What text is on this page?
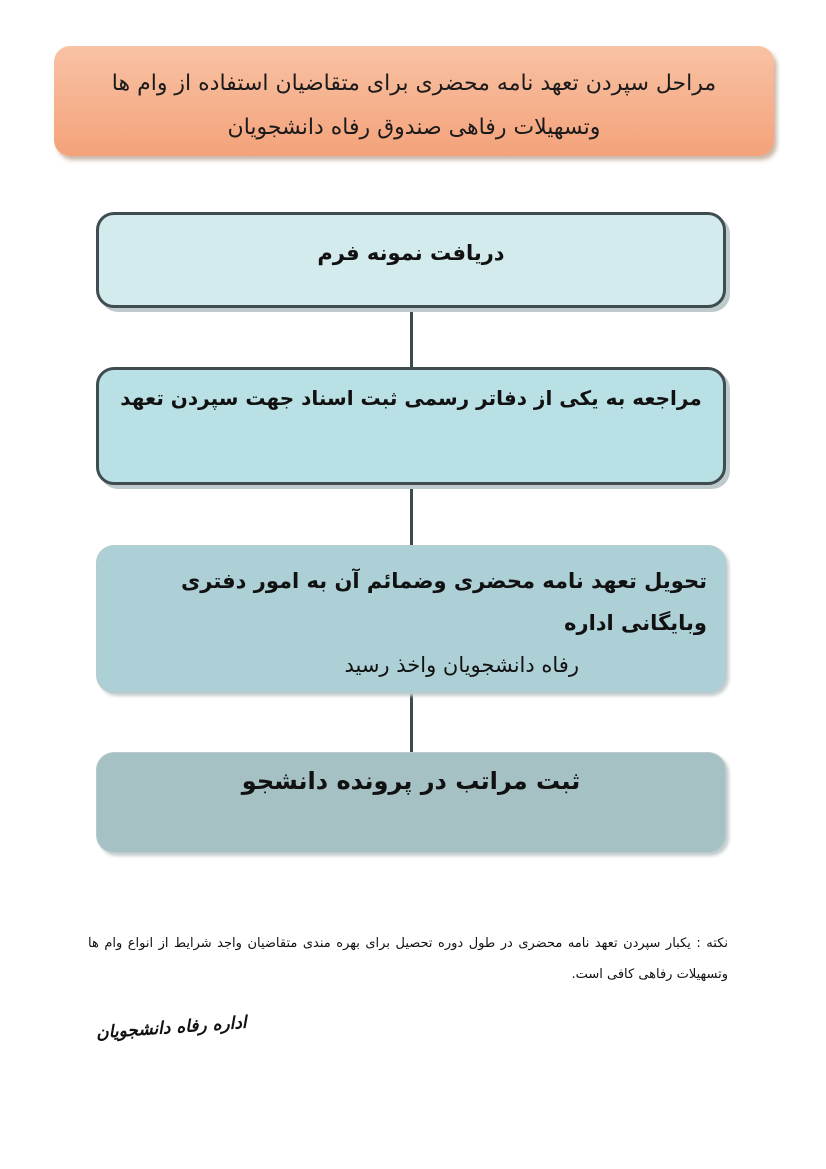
مراحل سپردن تعهد نامه محضری برای متقاضیان استفاده از وام ها
وتسهیلات رفاهی صندوق رفاه دانشجویان
دریافت نمونه فرم
مراجعه به یکی از دفاتر رسمی ثبت اسناد جهت سپردن تعهد
تحویل تعهد نامه محضری وضمائم آن به امور دفتری وبایگانی اداره
رفاه دانشجویان واخذ رسید
ثبت مراتب در پرونده دانشجو
نکته : یکبار سپردن تعهد نامه محضری در طول دوره تحصیل برای بهره مندی متقاضیان واجد شرایط از انواع وام ها وتسهیلات رفاهی کافی است.
اداره رفاه دانشجویان
